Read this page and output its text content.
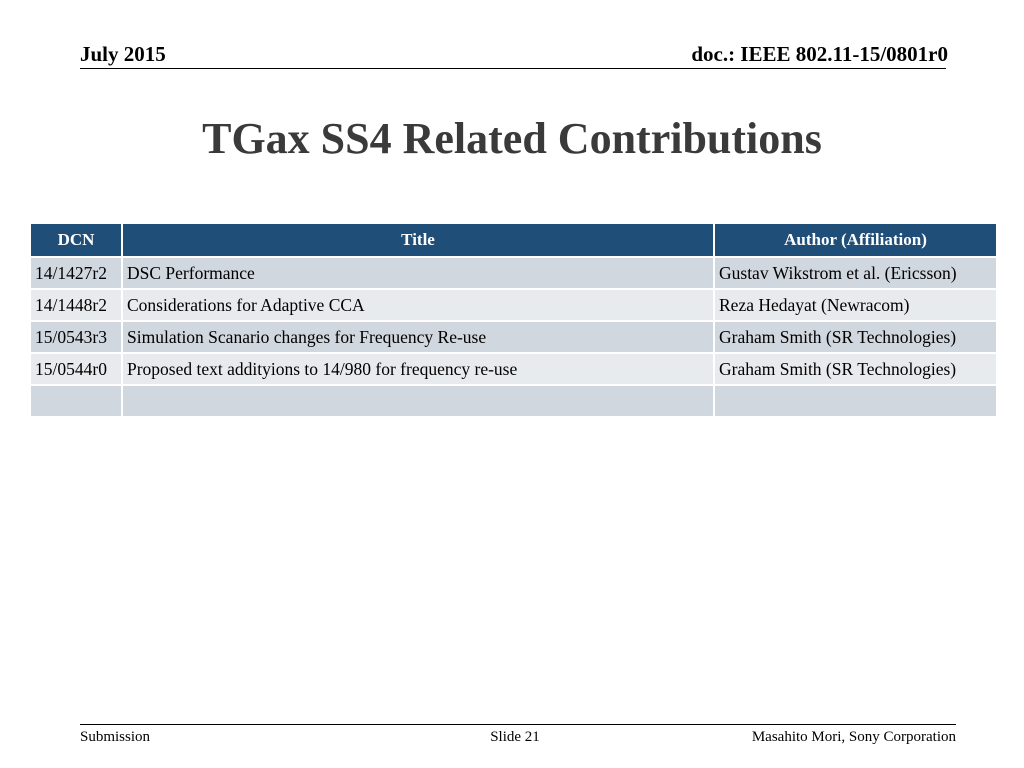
July 2015	doc.: IEEE 802.11-15/0801r0
TGax SS4 Related Contributions
DCN	Title	Author (Affiliation)
14/1427r2	DSC Performance	Gustav Wikstrom et al. (Ericsson)
14/1448r2	Considerations for Adaptive CCA	Reza Hedayat (Newracom)
15/0543r3	Simulation Scanario changes for Frequency Re-use	Graham Smith (SR Technologies)
15/0544r0	Proposed text addityions to 14/980 for frequency re-use	Graham Smith (SR Technologies)

Submission	Slide 21	Masahito Mori, Sony Corporation
